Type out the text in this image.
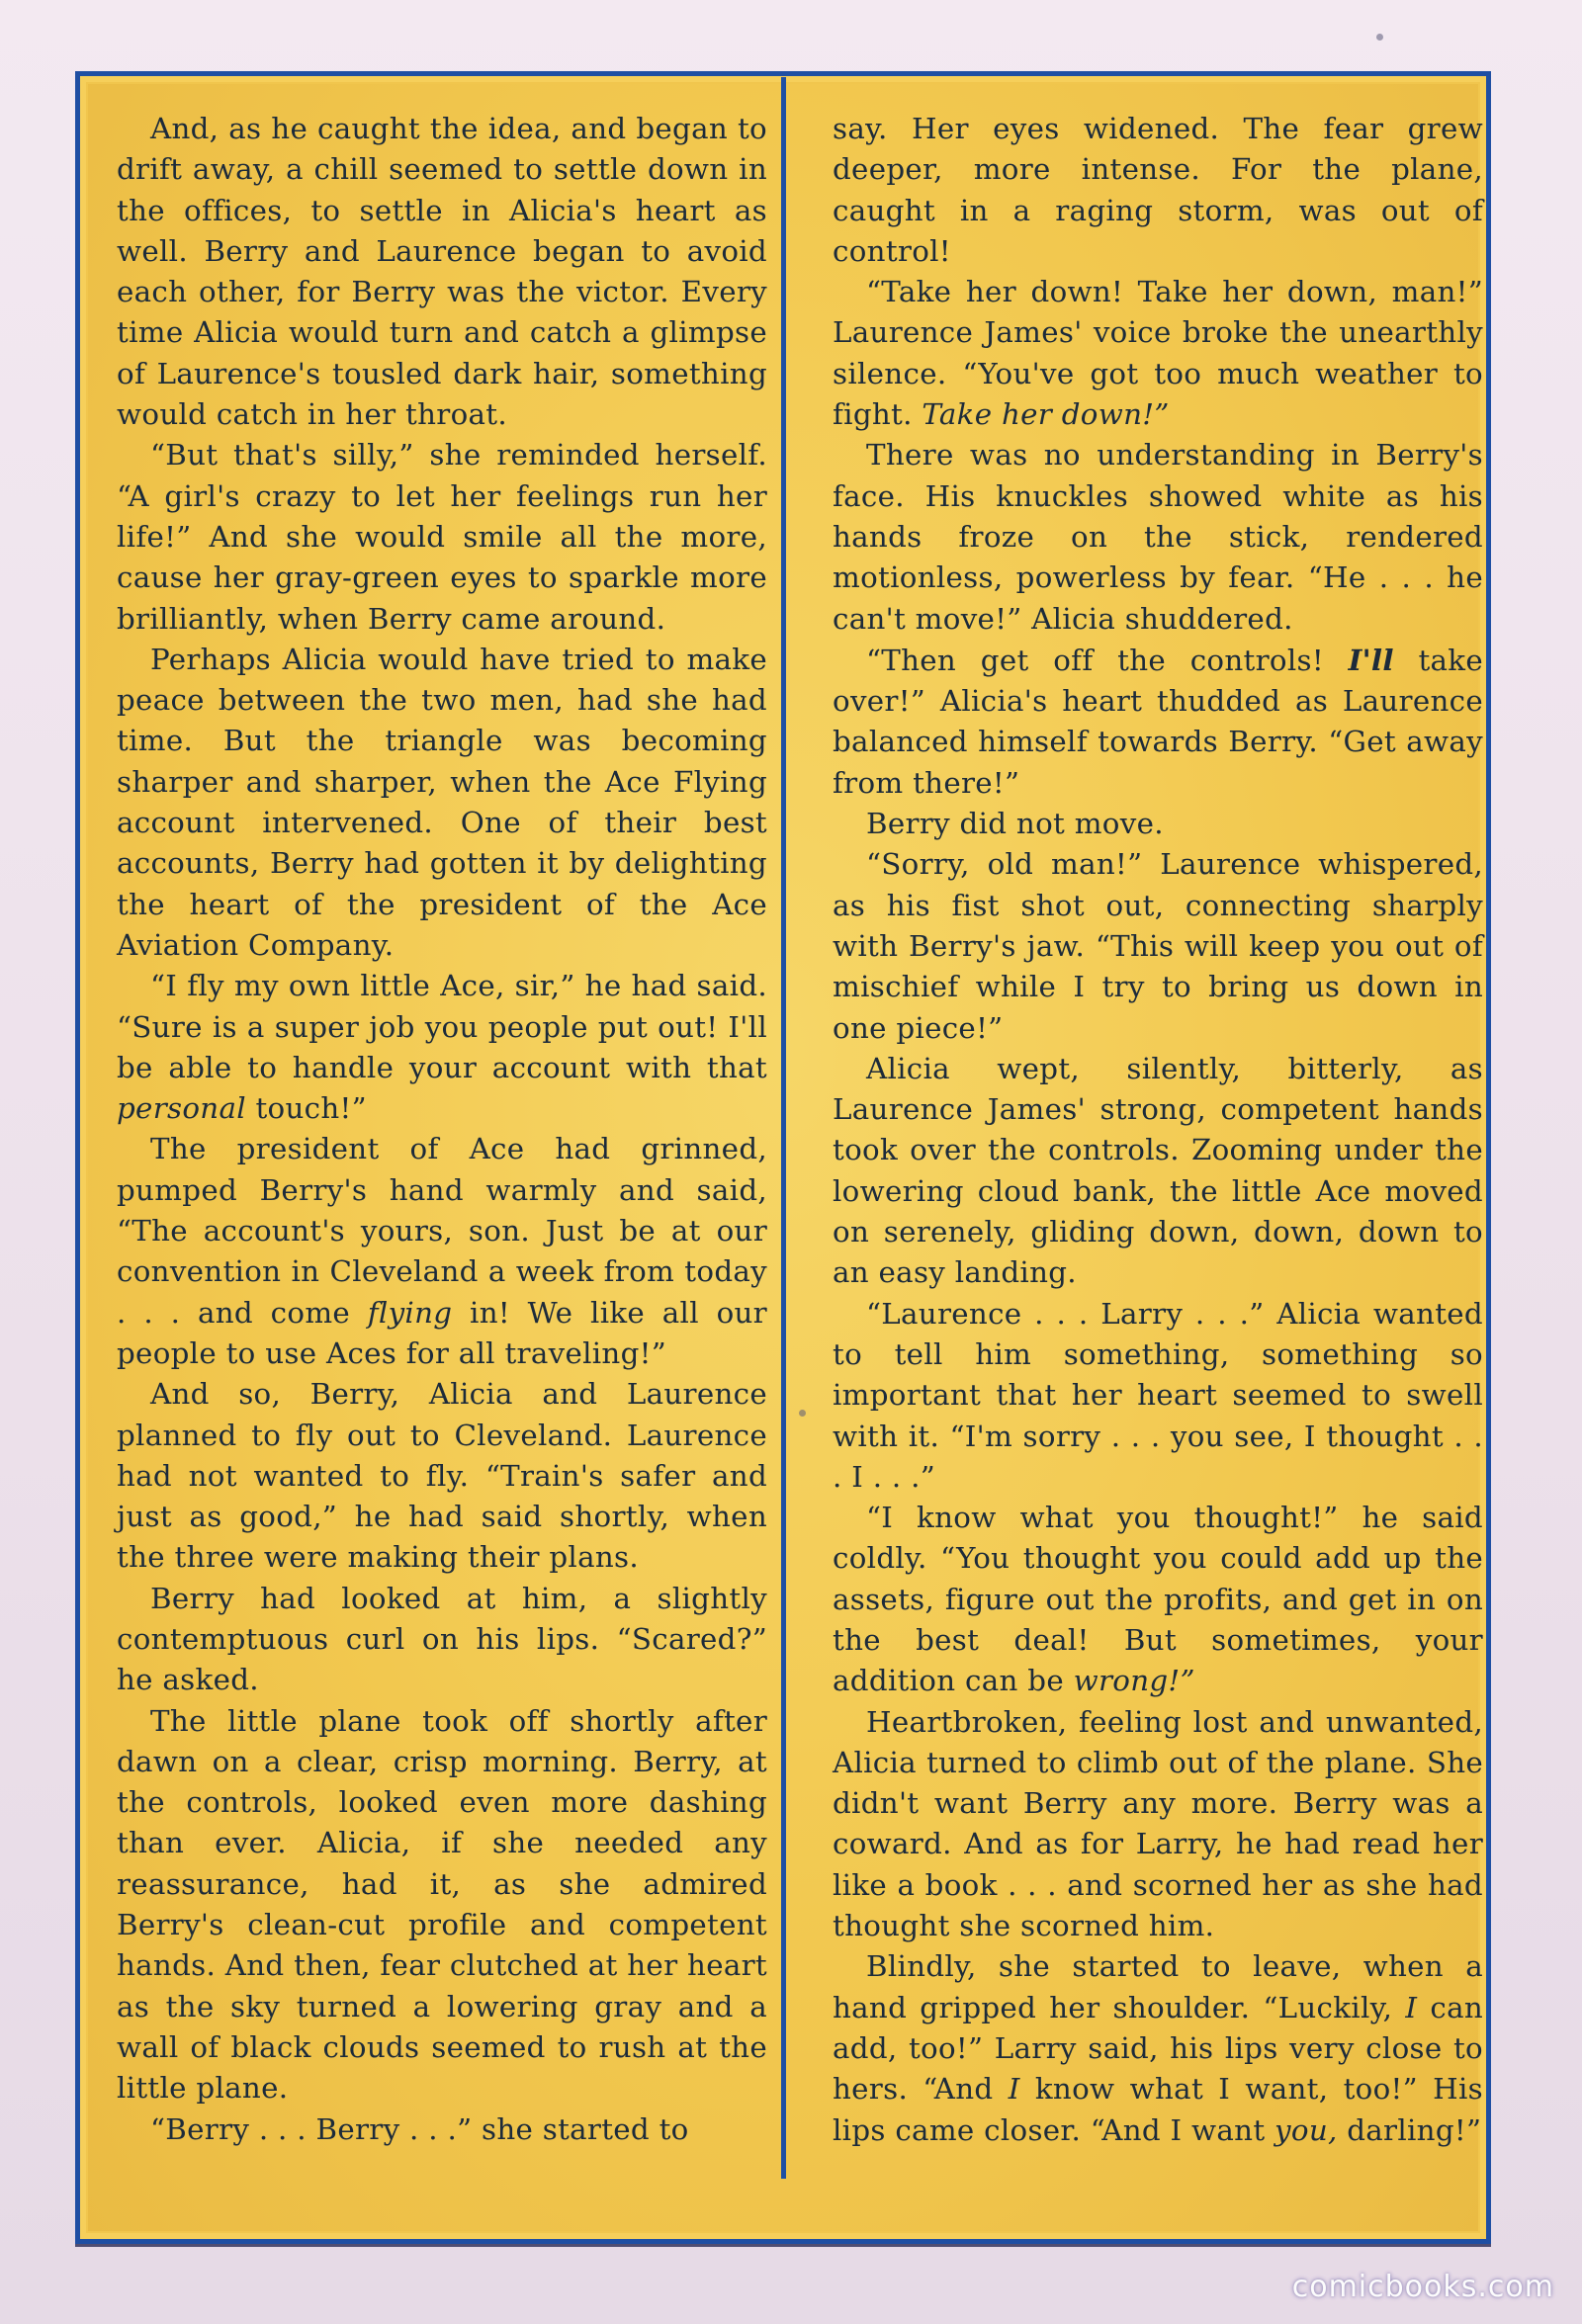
And, as he caught the idea, and began to drift away, a chill seemed to settle down in the offices, to settle in Alicia's heart as well. Berry and Laurence began to avoid each other, for Berry was the victor. Every time Alicia would turn and catch a glimpse of Laurence's tousled dark hair, something would catch in her throat.

“But that's silly,” she reminded herself. “A girl's crazy to let her feelings run her life!” And she would smile all the more, cause her gray-green eyes to sparkle more brilliantly, when Berry came around.

Perhaps Alicia would have tried to make peace between the two men, had she had time. But the triangle was becoming sharper and sharper, when the Ace Flying account intervened. One of their best accounts, Berry had gotten it by delighting the heart of the president of the Ace Aviation Company.

“I fly my own little Ace, sir,” he had said. “Sure is a super job you people put out! I'll be able to handle your account with that personal touch!”

The president of Ace had grinned, pumped Berry's hand warmly and said, “The account's yours, son. Just be at our convention in Cleveland a week from today . . . and come flying in! We like all our people to use Aces for all traveling!”

And so, Berry, Alicia and Laurence planned to fly out to Cleveland. Laurence had not wanted to fly. “Train's safer and just as good,” he had said shortly, when the three were making their plans.

Berry had looked at him, a slightly contemptuous curl on his lips. “Scared?” he asked.

The little plane took off shortly after dawn on a clear, crisp morning. Berry, at the controls, looked even more dashing than ever. Alicia, if she needed any reassurance, had it, as she admired Berry's clean-cut profile and competent hands. And then, fear clutched at her heart as the sky turned a lowering gray and a wall of black clouds seemed to rush at the little plane.

“Berry . . . Berry . . .” she started to

say. Her eyes widened. The fear grew deeper, more intense. For the plane, caught in a raging storm, was out of control!

“Take her down! Take her down, man!” Laurence James' voice broke the unearthly silence. “You've got too much weather to fight. Take her down!”

There was no understanding in Berry's face. His knuckles showed white as his hands froze on the stick, rendered motionless, powerless by fear. “He . . . he can't move!” Alicia shuddered.

“Then get off the controls! I'll take over!” Alicia's heart thudded as Laurence balanced himself towards Berry. “Get away from there!”

Berry did not move.

“Sorry, old man!” Laurence whispered, as his fist shot out, connecting sharply with Berry's jaw. “This will keep you out of mischief while I try to bring us down in one piece!”

Alicia wept, silently, bitterly, as Laurence James' strong, competent hands took over the controls. Zooming under the lowering cloud bank, the little Ace moved on serenely, gliding down, down, down to an easy landing.

“Laurence . . . Larry . . .” Alicia wanted to tell him something, something so important that her heart seemed to swell with it. “I'm sorry . . . you see, I thought . . . I . . .”

“I know what you thought!” he said coldly. “You thought you could add up the assets, figure out the profits, and get in on the best deal! But sometimes, your addition can be wrong!”

Heartbroken, feeling lost and unwanted, Alicia turned to climb out of the plane. She didn't want Berry any more. Berry was a coward. And as for Larry, he had read her like a book . . . and scorned her as she had thought she scorned him.

Blindly, she started to leave, when a hand gripped her shoulder. “Luckily, I can add, too!” Larry said, his lips very close to hers. “And I know what I want, too!” His lips came closer. “And I want you, darling!”

comicbooks.com
